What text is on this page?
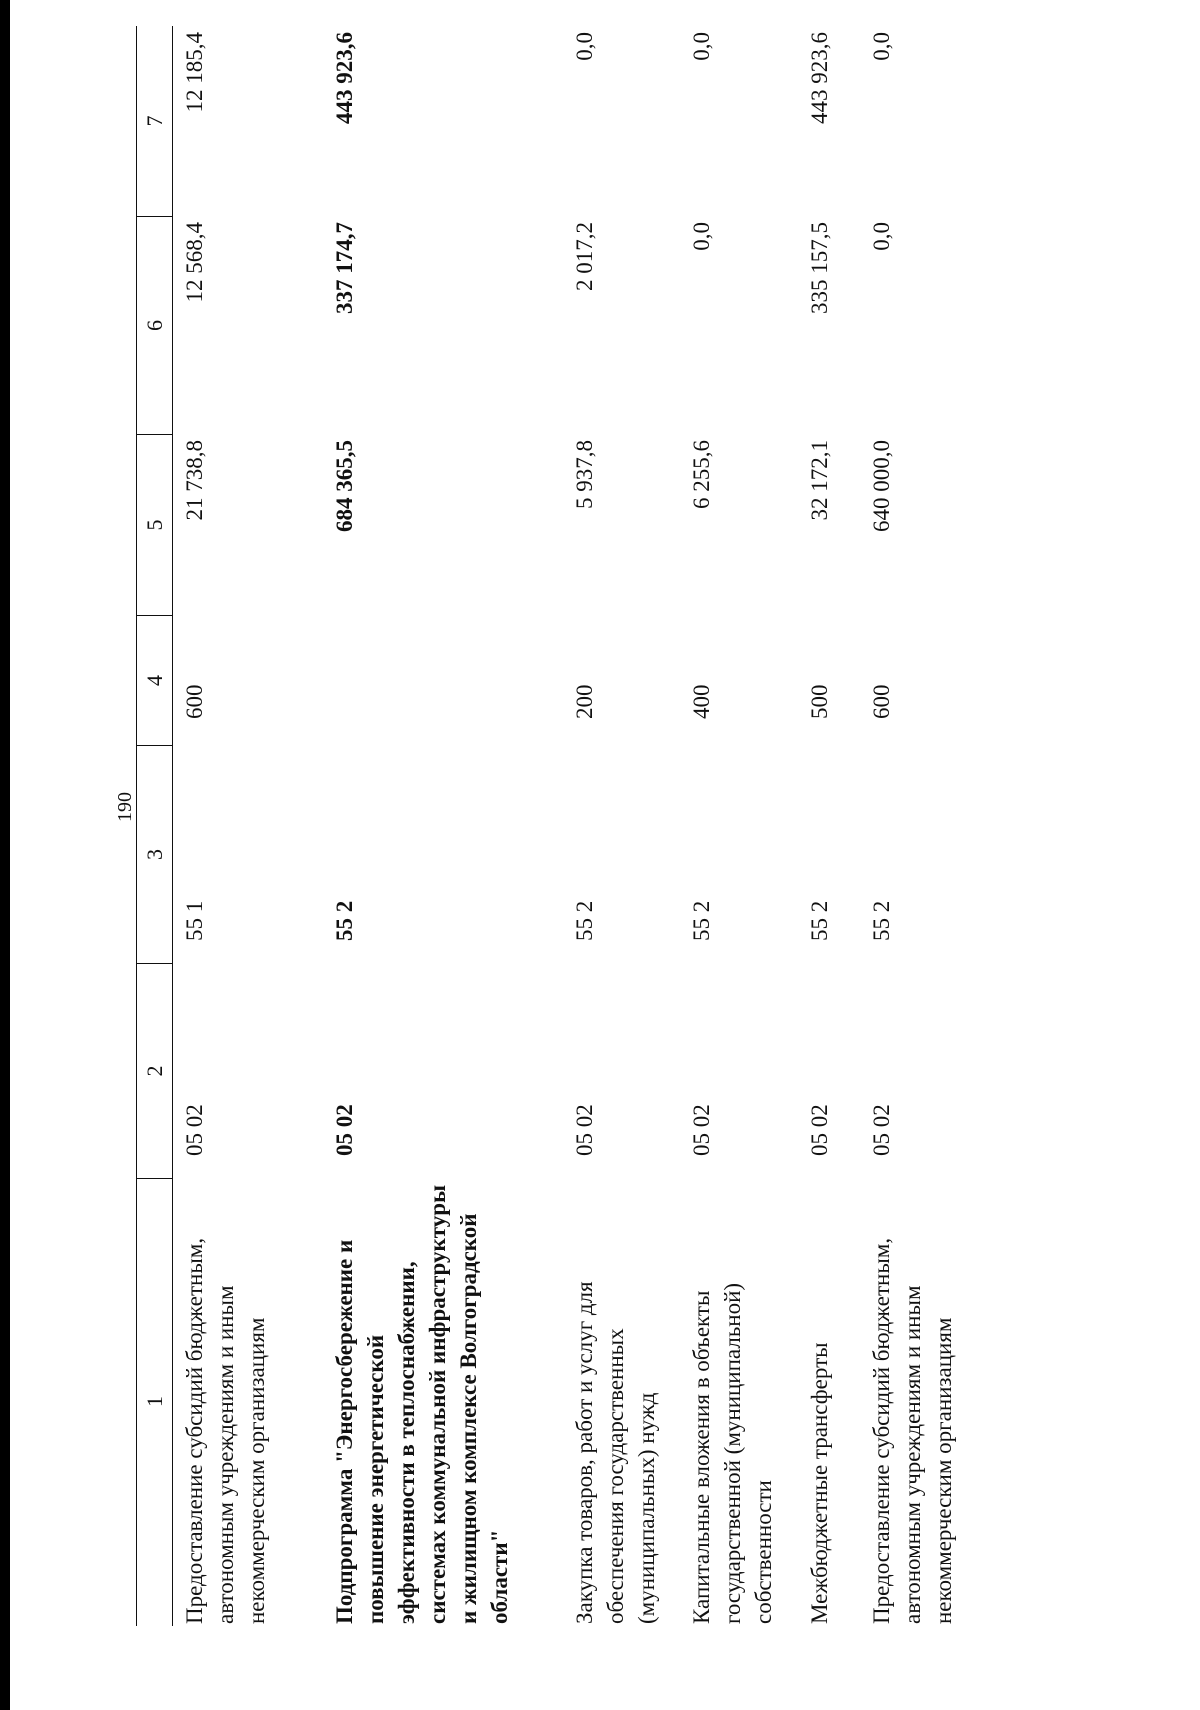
190
1
2
3
4
5
6
7
Предоставление субсидий бюджетным, автономным учреждениям и иным некоммерческим организациям
05 02
55 1
600
21 738,8
12 568,4
12 185,4
Подпрограмма "Энергосбережение и повышение энергетической эффективности в теплоснабжении, системах коммунальной инфраструктуры и жилищном комплексе Волгоградской области"
05 02
55 2
684 365,5
337 174,7
443 923,6
Закупка товаров, работ и услуг для обеспечения государственных (муниципальных) нужд
05 02
55 2
200
5 937,8
2 017,2
0,0
Капитальные вложения в объекты государственной (муниципальной) собственности
05 02
55 2
400
6 255,6
0,0
0,0
Межбюджетные трансферты
05 02
55 2
500
32 172,1
335 157,5
443 923,6
Предоставление субсидий бюджетным, автономным учреждениям и иным некоммерческим организациям
05 02
55 2
600
640 000,0
0,0
0,0
